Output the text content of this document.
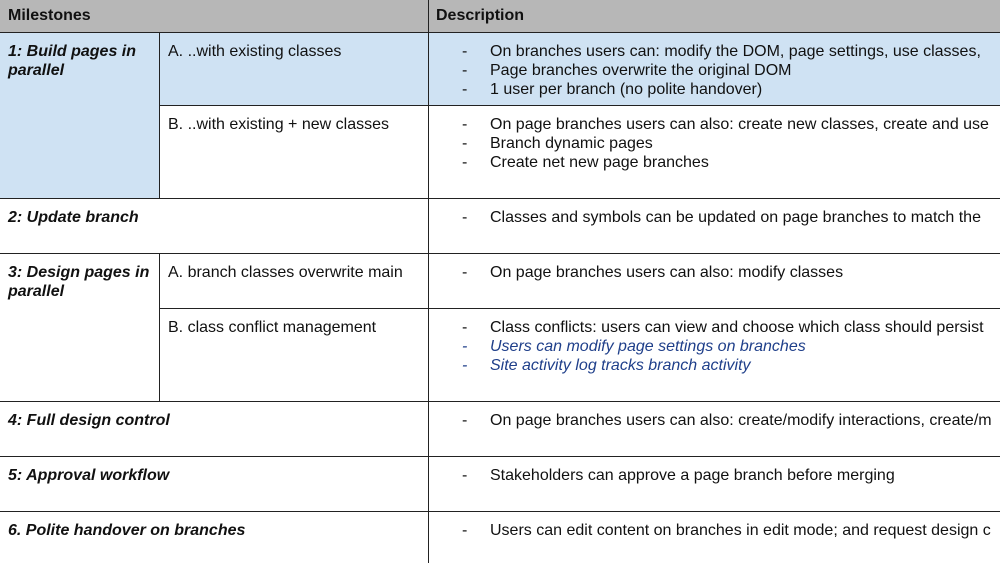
Milestones	Description
1: Build pages in parallel
A. ..with existing classes	- On branches users can: modify the DOM, page settings, use classes,
- Page branches overwrite the original DOM
- 1 user per branch (no polite handover)
B. ..with existing + new classes	- On page branches users can also: create new classes, create and use
- Branch dynamic pages
- Create net new page branches
2: Update branch	- Classes and symbols can be updated on page branches to match the
3: Design pages in parallel
A. branch classes overwrite main	- On page branches users can also: modify classes
B. class conflict management	- Class conflicts: users can view and choose which class should persist
- Users can modify page settings on branches
- Site activity log tracks branch activity
4: Full design control	- On page branches users can also: create/modify interactions, create/m
5: Approval workflow	- Stakeholders can approve a page branch before merging
6. Polite handover on branches	- Users can edit content on branches in edit mode; and request design c
